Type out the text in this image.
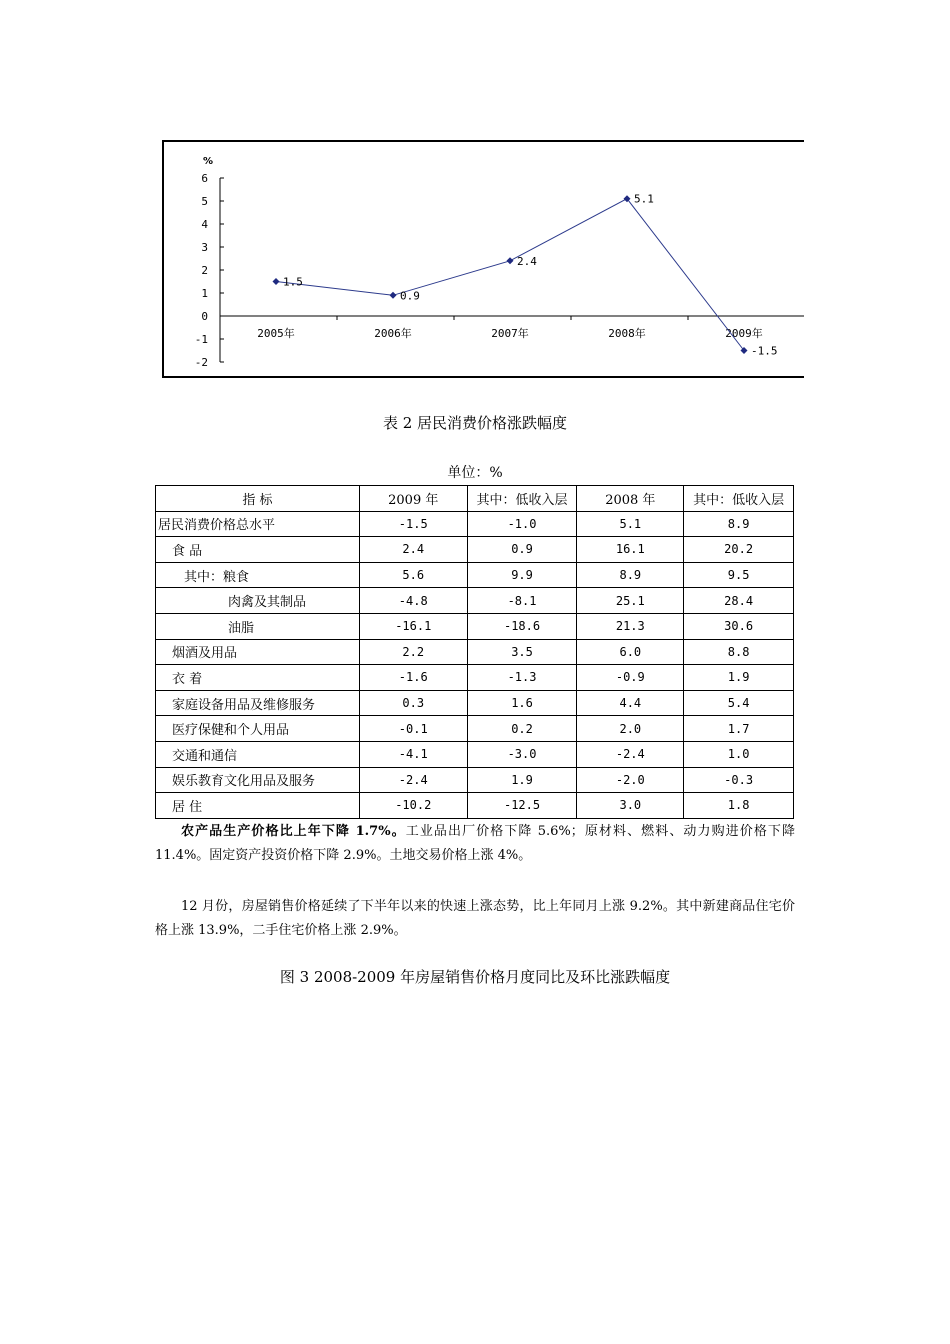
%
6
5
4
3
2
1
0
-1
-2
2005年	2006年	2007年	2008年	2009年
1.5
0.9
2.4
5.1
-1.5
表 2 居民消费价格涨跌幅度
单位：%
指 标	2009 年	其中：低收入层	2008 年	其中：低收入层
居民消费价格总水平	-1.5	-1.0	5.1	8.9
食 品	2.4	0.9	16.1	20.2
其中：粮食	5.6	9.9	8.9	9.5
肉禽及其制品	-4.8	-8.1	25.1	28.4
油脂	-16.1	-18.6	21.3	30.6
烟酒及用品	2.2	3.5	6.0	8.8
衣 着	-1.6	-1.3	-0.9	1.9
家庭设备用品及维修服务	0.3	1.6	4.4	5.4
医疗保健和个人用品	-0.1	0.2	2.0	1.7
交通和通信	-4.1	-3.0	-2.4	1.0
娱乐教育文化用品及服务	-2.4	1.9	-2.0	-0.3
居 住	-10.2	-12.5	3.0	1.8
农产品生产价格比上年下降 1.7%。工业品出厂价格下降 5.6%；原材料、燃料、动力购进价格下降 11.4%。固定资产投资价格下降 2.9%。土地交易价格上涨 4%。
12 月份，房屋销售价格延续了下半年以来的快速上涨态势，比上年同月上涨 9.2%。其中新建商品住宅价格上涨 13.9%，二手住宅价格上涨 2.9%。
图 3 2008-2009 年房屋销售价格月度同比及环比涨跌幅度
